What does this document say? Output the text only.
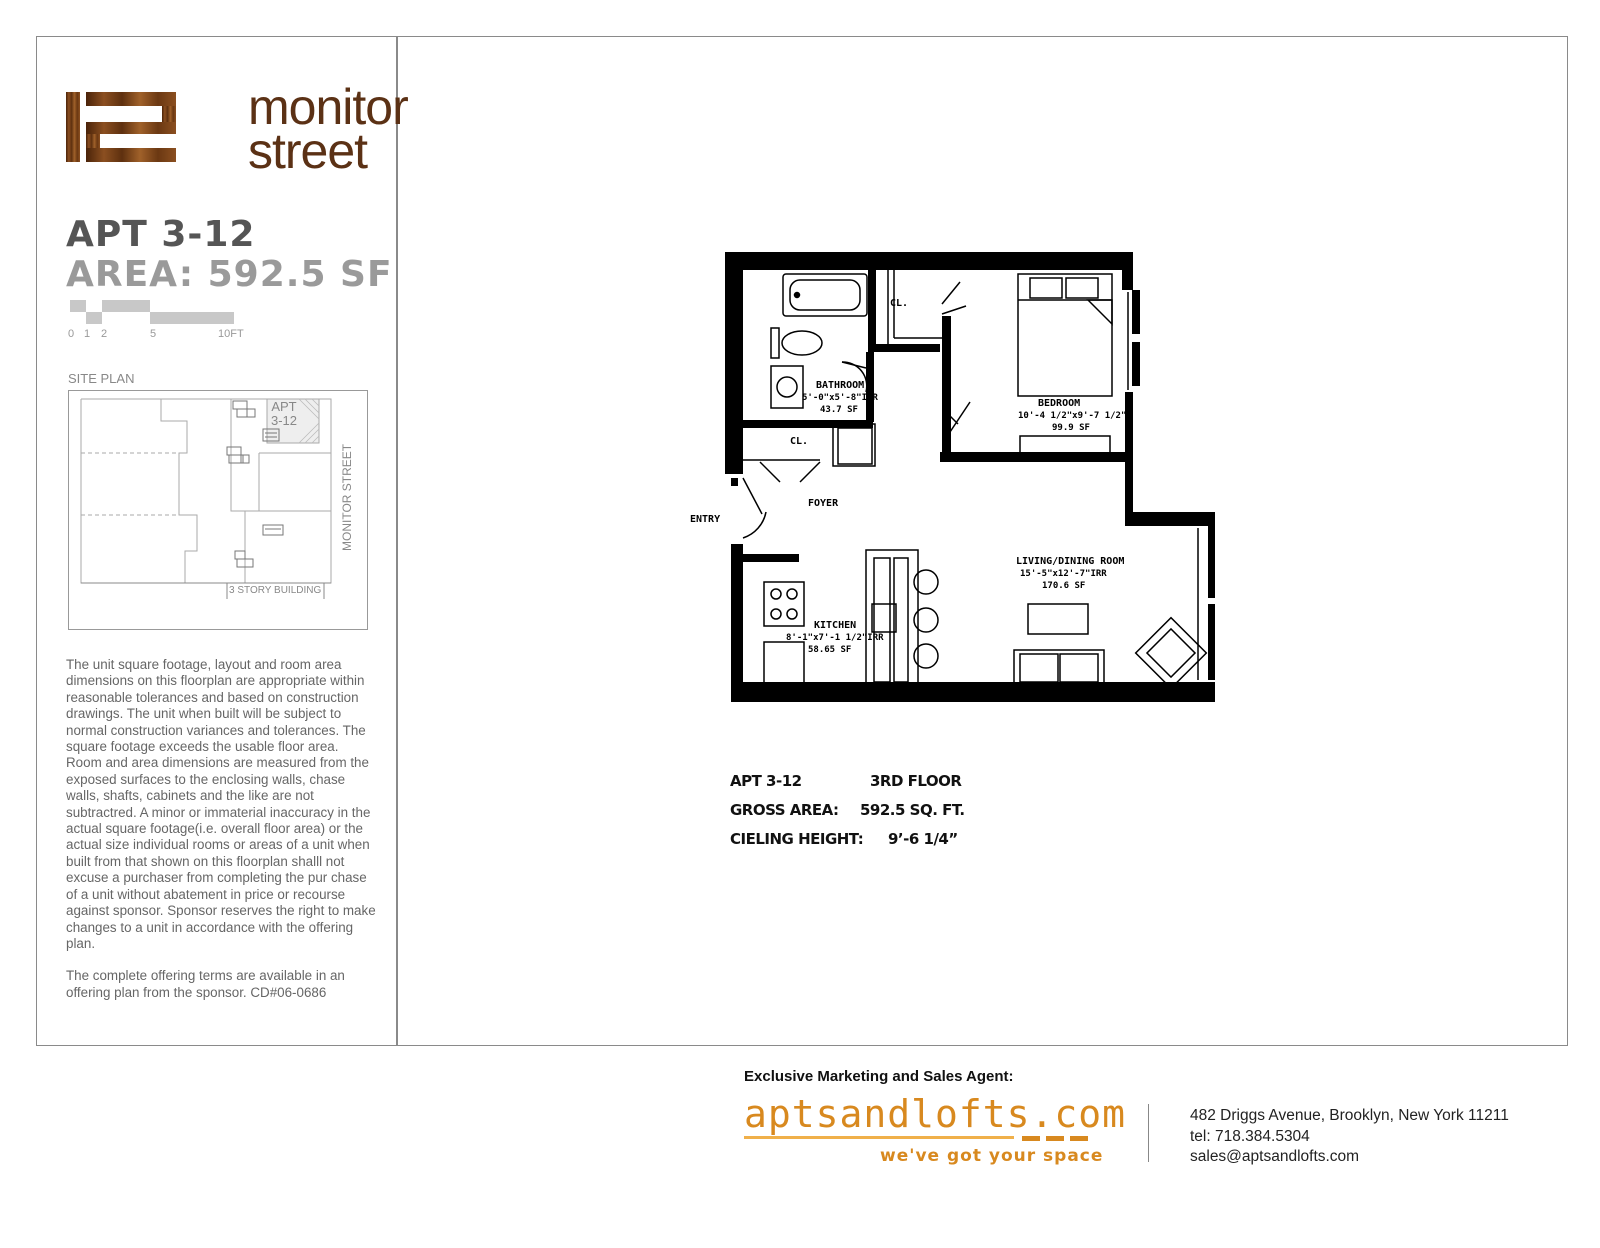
monitor
street
APT 3-12
AREA: 592.5 SF
0 1 2	5	10FT
SITE PLAN
APT
3-12
3 STORY BUILDING
MONITOR STREET

The unit square footage, layout and room area dimensions on this floorplan are appropriate within reasonable tolerances and based on construction drawings. The unit when built will be subject to normal construction variances and tolerances. The square footage exceeds the usable floor area. Room and area dimensions are measured from the exposed surfaces to the enclosing walls, chase walls, shafts, cabinets and the like are not subtractred. A minor or immaterial inaccuracy in the actual square footage(i.e. overall floor area) or the actual size individual rooms or areas of a unit when built from that shown on this floorplan shalll not excuse a purchaser from completing the pur chase of a unit without abatement in price or recourse against sponsor. Sponsor reserves the right to make changes to a unit in accordance with the offering plan.

The complete offering terms are available in an offering plan from the sponsor. CD#06-0686

CL.
CL.
BATHROOM
5'-0"x5'-8"IRR
43.7 SF
BEDROOM
10'-4 1/2"x9'-7 1/2"
99.9 SF
FOYER
ENTRY
KITCHEN
8'-1"x7'-1 1/2"IRR
58.65 SF
LIVING/DINING ROOM
15'-5"x12'-7"IRR
170.6 SF
APT 3-12	3RD FLOOR
GROSS AREA: 592.5 SQ. FT.
CIELING HEIGHT: 9’-6 1/4”
Exclusive Marketing and Sales Agent:
aptsandlofts.com
we've got your space
482 Driggs Avenue, Brooklyn, New York 11211
tel: 718.384.5304
sales@aptsandlofts.com
